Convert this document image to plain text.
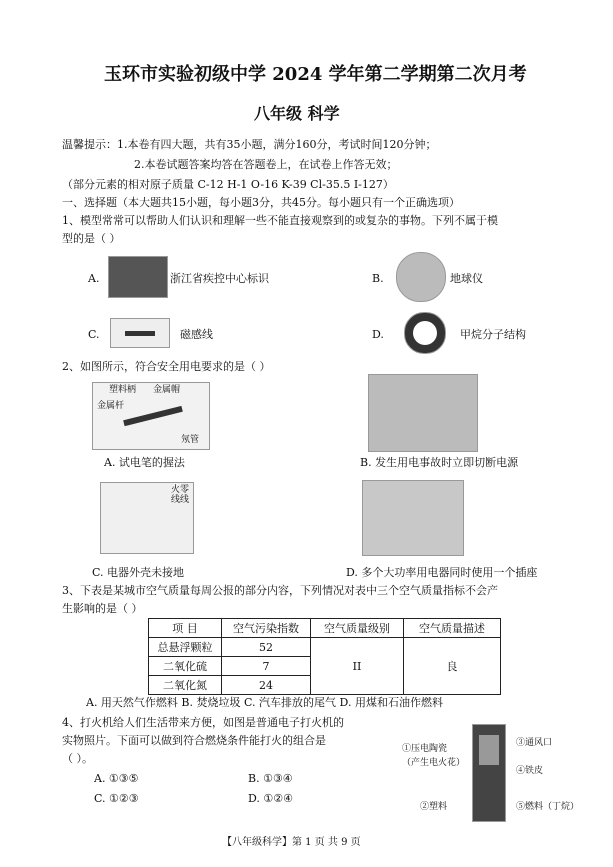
玉环市实验初级中学 2024 学年第二学期第二次月考
八年级 科学
温馨提示：1.本卷有四大题，共有35小题，满分160分，考试时间120分钟；
2.本卷试题答案均答在答题卷上，在试卷上作答无效；
（部分元素的相对原子质量 C-12 H-1 O-16 K-39 Cl-35.5 I-127）
一、选择题（本大题共15小题，每小题3分，共45分。每小题只有一个正确选项）
1、模型常常可以帮助人们认识和理解一些不能直接观察到的或复杂的事物。下列不属于模
型的是（ ）
A.	浙江省疾控中心标识	B.	地球仪
C.	磁感线	D.	甲烷分子结构
2、如图所示，符合安全用电要求的是（ ）
塑料柄 金属帽
金属杆
氖管
A. 试电笔的握法	B. 发生用电事故时立即切断电源
火零线线
C. 电器外壳未接地	D. 多个大功率用电器同时使用一个插座
3、下表是某城市空气质量每周公报的部分内容，下列情况对表中三个空气质量指标不会产
生影响的是（ ）
项 目	空气污染指数	空气质量级别	空气质量描述
总悬浮颗粒	52	II	良
二氧化硫	7		
二氧化氮	24		
A. 用天然气作燃料 B. 焚烧垃圾 C. 汽车排放的尾气 D. 用煤和石油作燃料
4、打火机给人们生活带来方便，如图是普通电子打火机的
实物照片。下面可以做到符合燃烧条件能打火的组合是
（ ）。
A. ①③⑤	B. ①③④
C. ①②③	D. ①②④
①压电陶瓷
（产生电火花）
②塑料
③通风口
④铁皮
⑤燃料（丁烷）
【八年级科学】第 1 页 共 9 页
